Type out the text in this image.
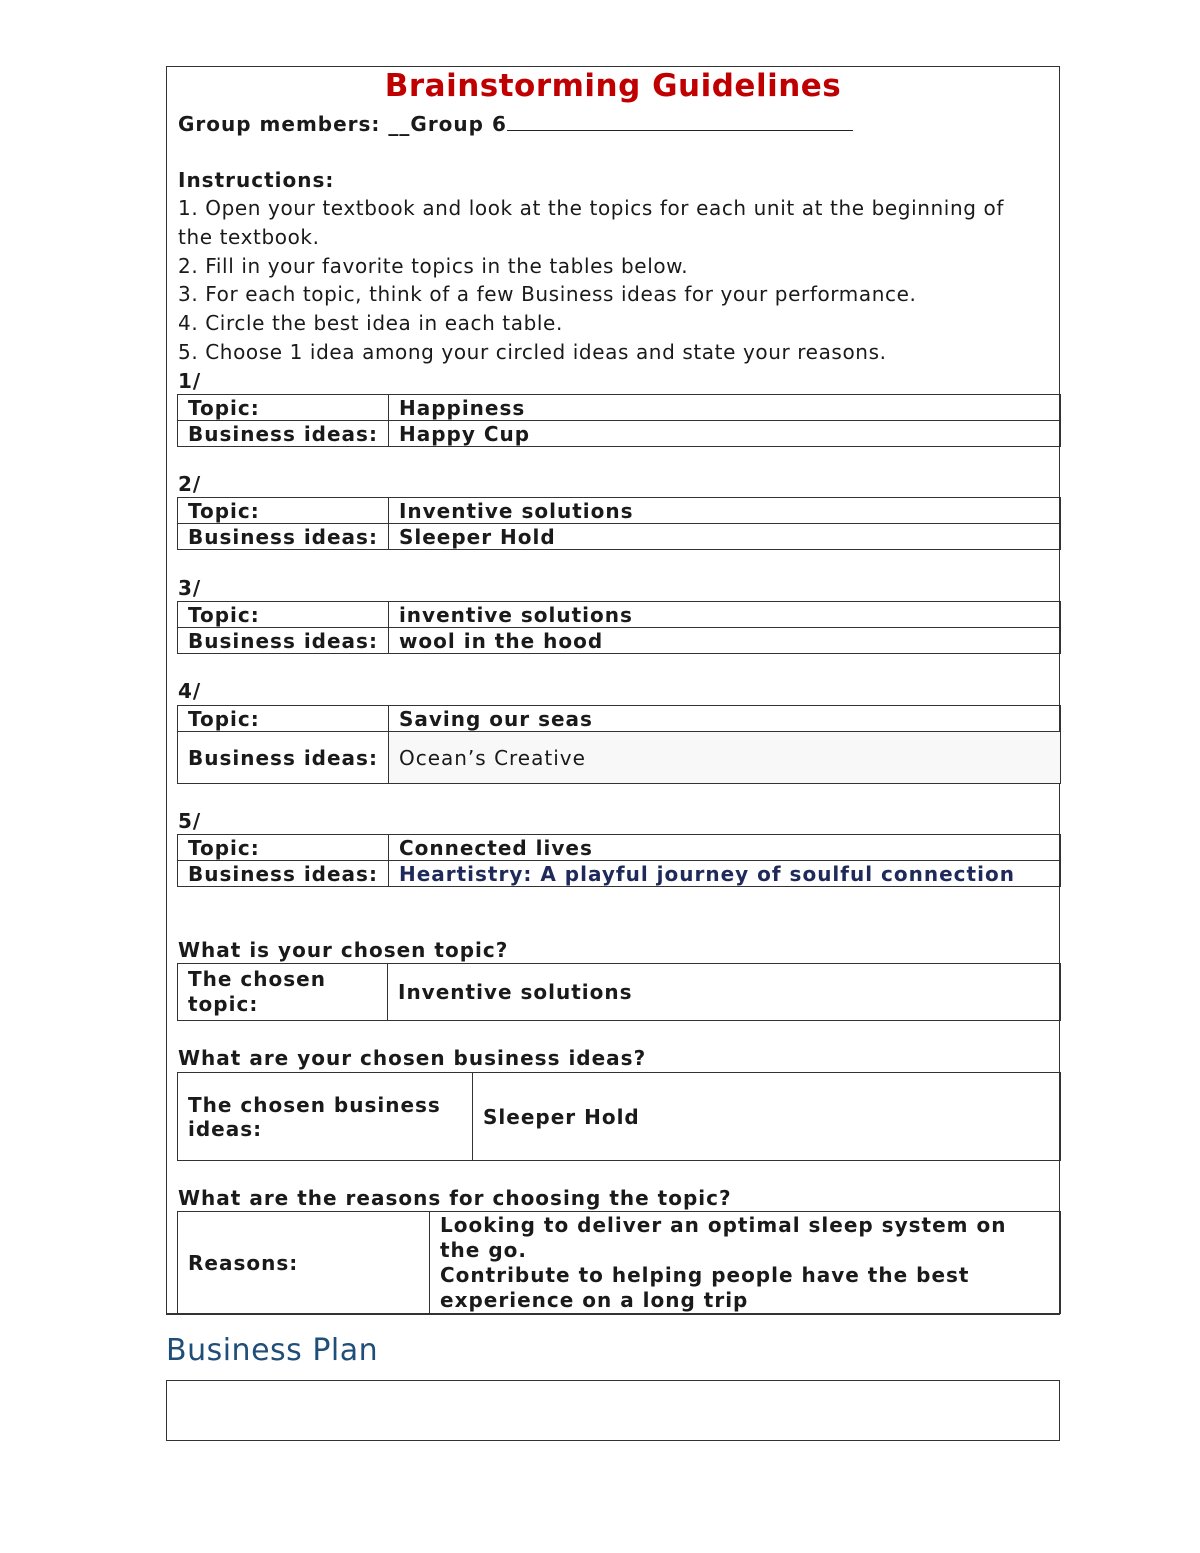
Brainstorming Guidelines
Group members: __Group 6
Instructions:
1. Open your textbook and look at the topics for each unit at the beginning of
the textbook.
2. Fill in your favorite topics in the tables below.
3. For each topic, think of a few Business ideas for your performance.
4. Circle the best idea in each table.
5. Choose 1 idea among your circled ideas and state your reasons.
1/
Topic:	Happiness
Business ideas:	Happy Cup
2/
Topic:	Inventive solutions
Business ideas:	Sleeper Hold
3/
Topic:	inventive solutions
Business ideas:	wool in the hood
4/
Topic:	Saving our seas
Business ideas:	Ocean’s Creative
5/
Topic:	Connected lives
Business ideas:	Heartistry: A playful journey of soulful connection
What is your chosen topic?
The chosen topic:	Inventive solutions
What are your chosen business ideas?
The chosen business ideas:	Sleeper Hold
What are the reasons for choosing the topic?
Reasons:	
Looking to deliver an optimal sleep system on
the go.
Contribute to helping people have the best
experience on a long trip
Business Plan
